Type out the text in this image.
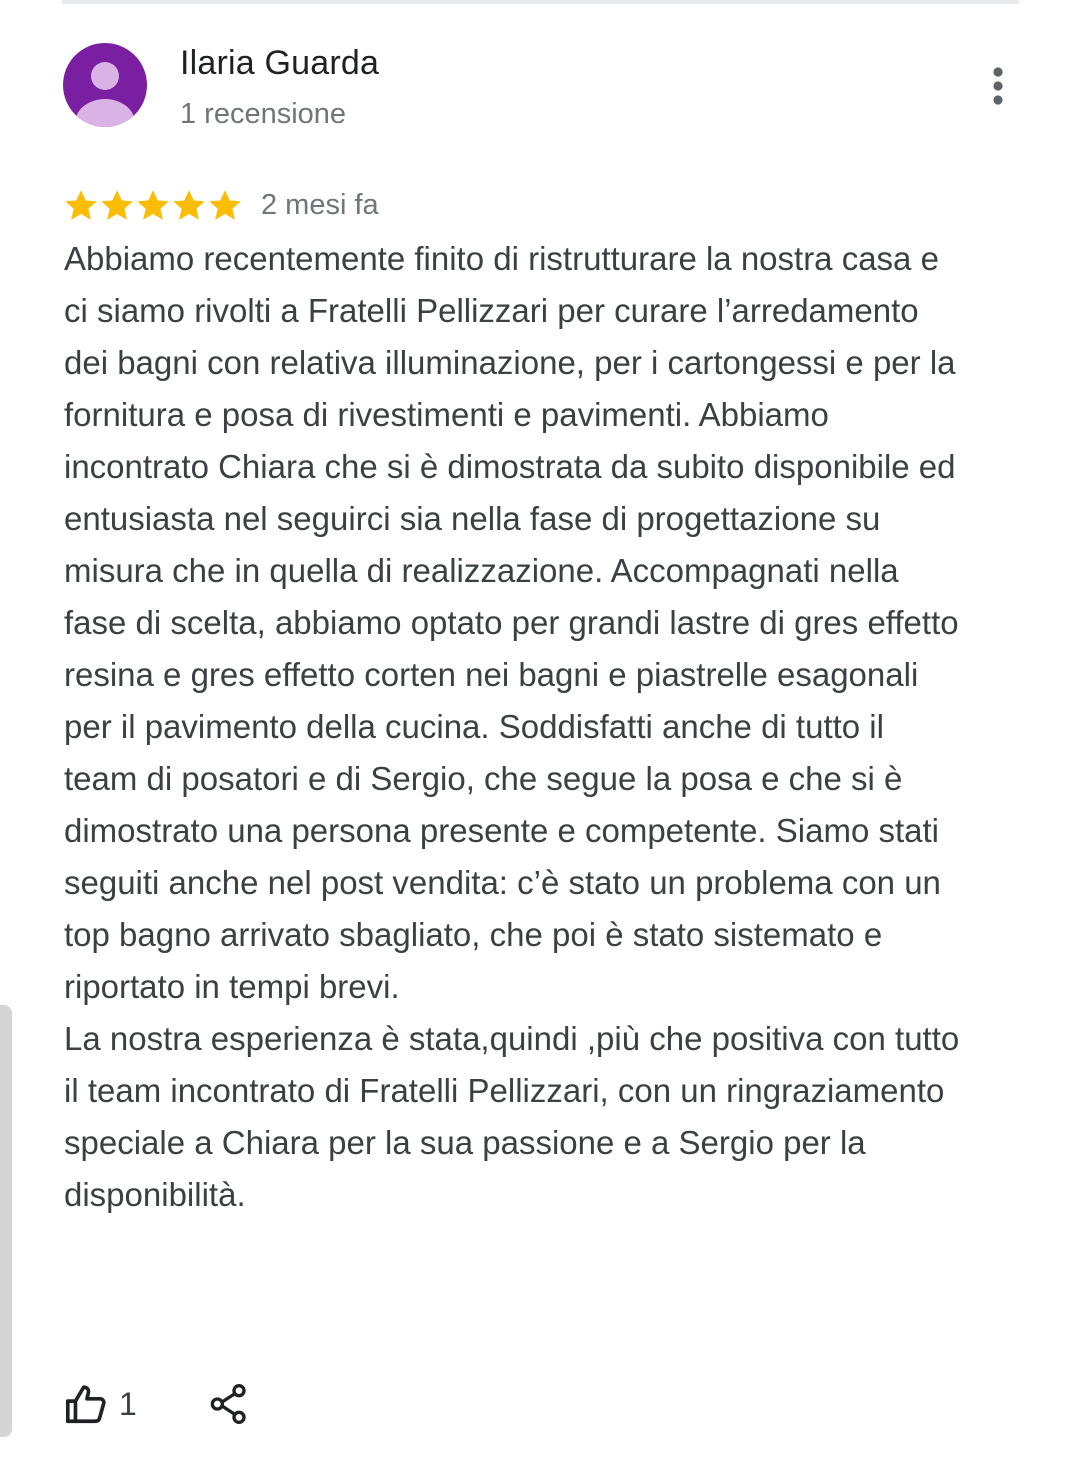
Ilaria Guarda
1 recensione
2 mesi fa

Abbiamo recentemente finito di ristrutturare la nostra casa e ci siamo rivolti a Fratelli Pellizzari per curare l’arredamento dei bagni con relativa illuminazione, per i cartongessi e per la fornitura e posa di rivestimenti e pavimenti. Abbiamo incontrato Chiara che si è dimostrata da subito disponibile ed entusiasta nel seguirci sia nella fase di progettazione su misura che in quella di realizzazione. Accompagnati nella fase di scelta, abbiamo optato per grandi lastre di gres effetto resina e gres effetto corten nei bagni e piastrelle esagonali per il pavimento della cucina. Soddisfatti anche di tutto il team di posatori e di Sergio, che segue la posa e che si è dimostrato una persona presente e competente. Siamo stati seguiti anche nel post vendita: c’è stato un problema con un top bagno arrivato sbagliato, che poi è stato sistemato e riportato in tempi brevi.

La nostra esperienza è stata,quindi ,più che positiva con tutto il team incontrato di Fratelli Pellizzari, con un ringraziamento speciale a Chiara per la sua passione e a Sergio per la disponibilità.

1
